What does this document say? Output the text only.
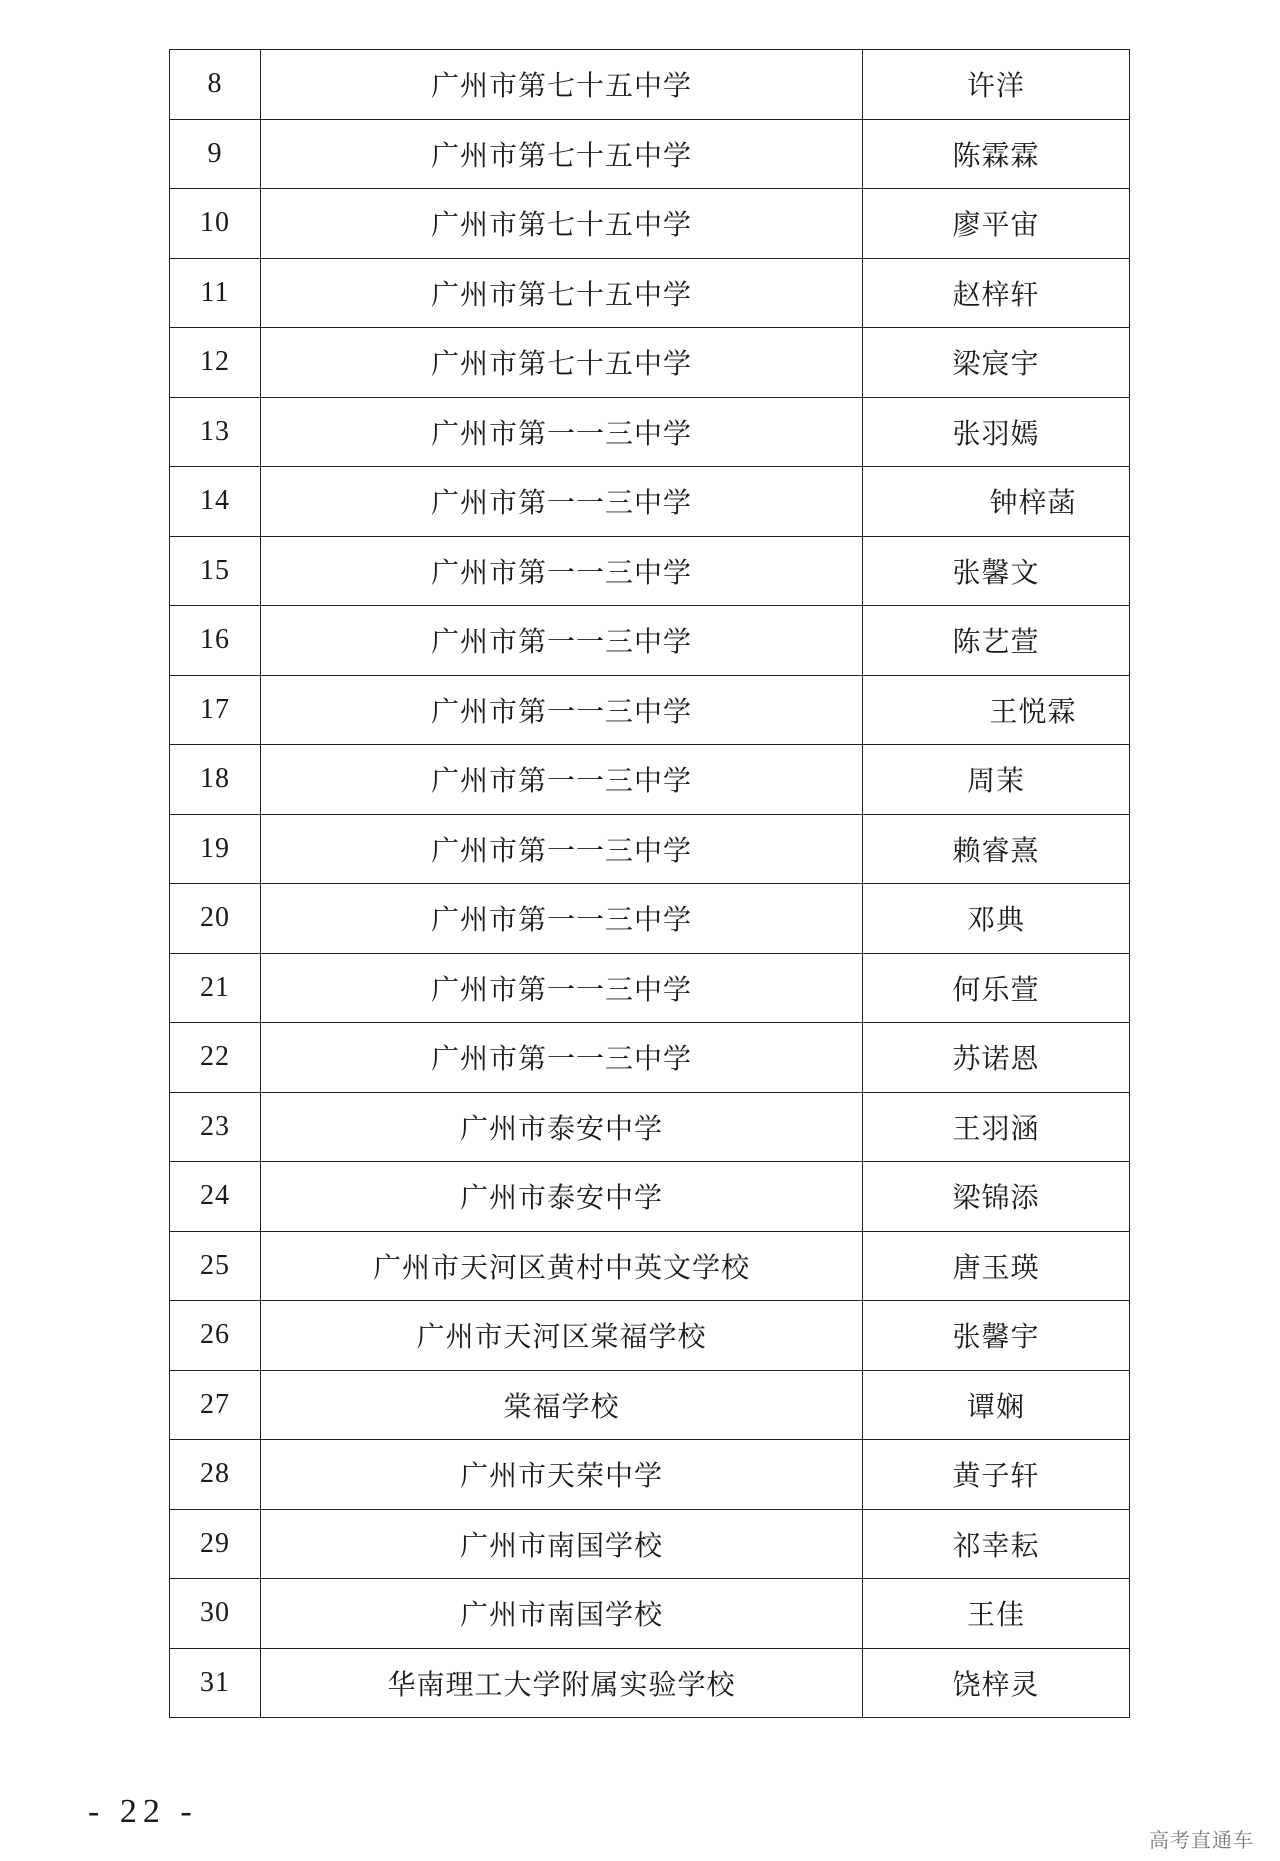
8	广州市第七十五中学	许洋
9	广州市第七十五中学	陈霖霖
10	广州市第七十五中学	廖平宙
11	广州市第七十五中学	赵梓轩
12	广州市第七十五中学	梁宸宇
13	广州市第一一三中学	张羽嫣
14	广州市第一一三中学	钟梓菡
15	广州市第一一三中学	张馨文
16	广州市第一一三中学	陈艺萱
17	广州市第一一三中学	王悦霖
18	广州市第一一三中学	周茉
19	广州市第一一三中学	赖睿熹
20	广州市第一一三中学	邓典
21	广州市第一一三中学	何乐萱
22	广州市第一一三中学	苏诺恩
23	广州市泰安中学	王羽涵
24	广州市泰安中学	梁锦添
25	广州市天河区黄村中英文学校	唐玉瑛
26	广州市天河区棠福学校	张馨宇
27	棠福学校	谭娴
28	广州市天荣中学	黄子轩
29	广州市南国学校	祁幸耘
30	广州市南国学校	王佳
31	华南理工大学附属实验学校	饶梓灵
- 22 -
高考直通车
